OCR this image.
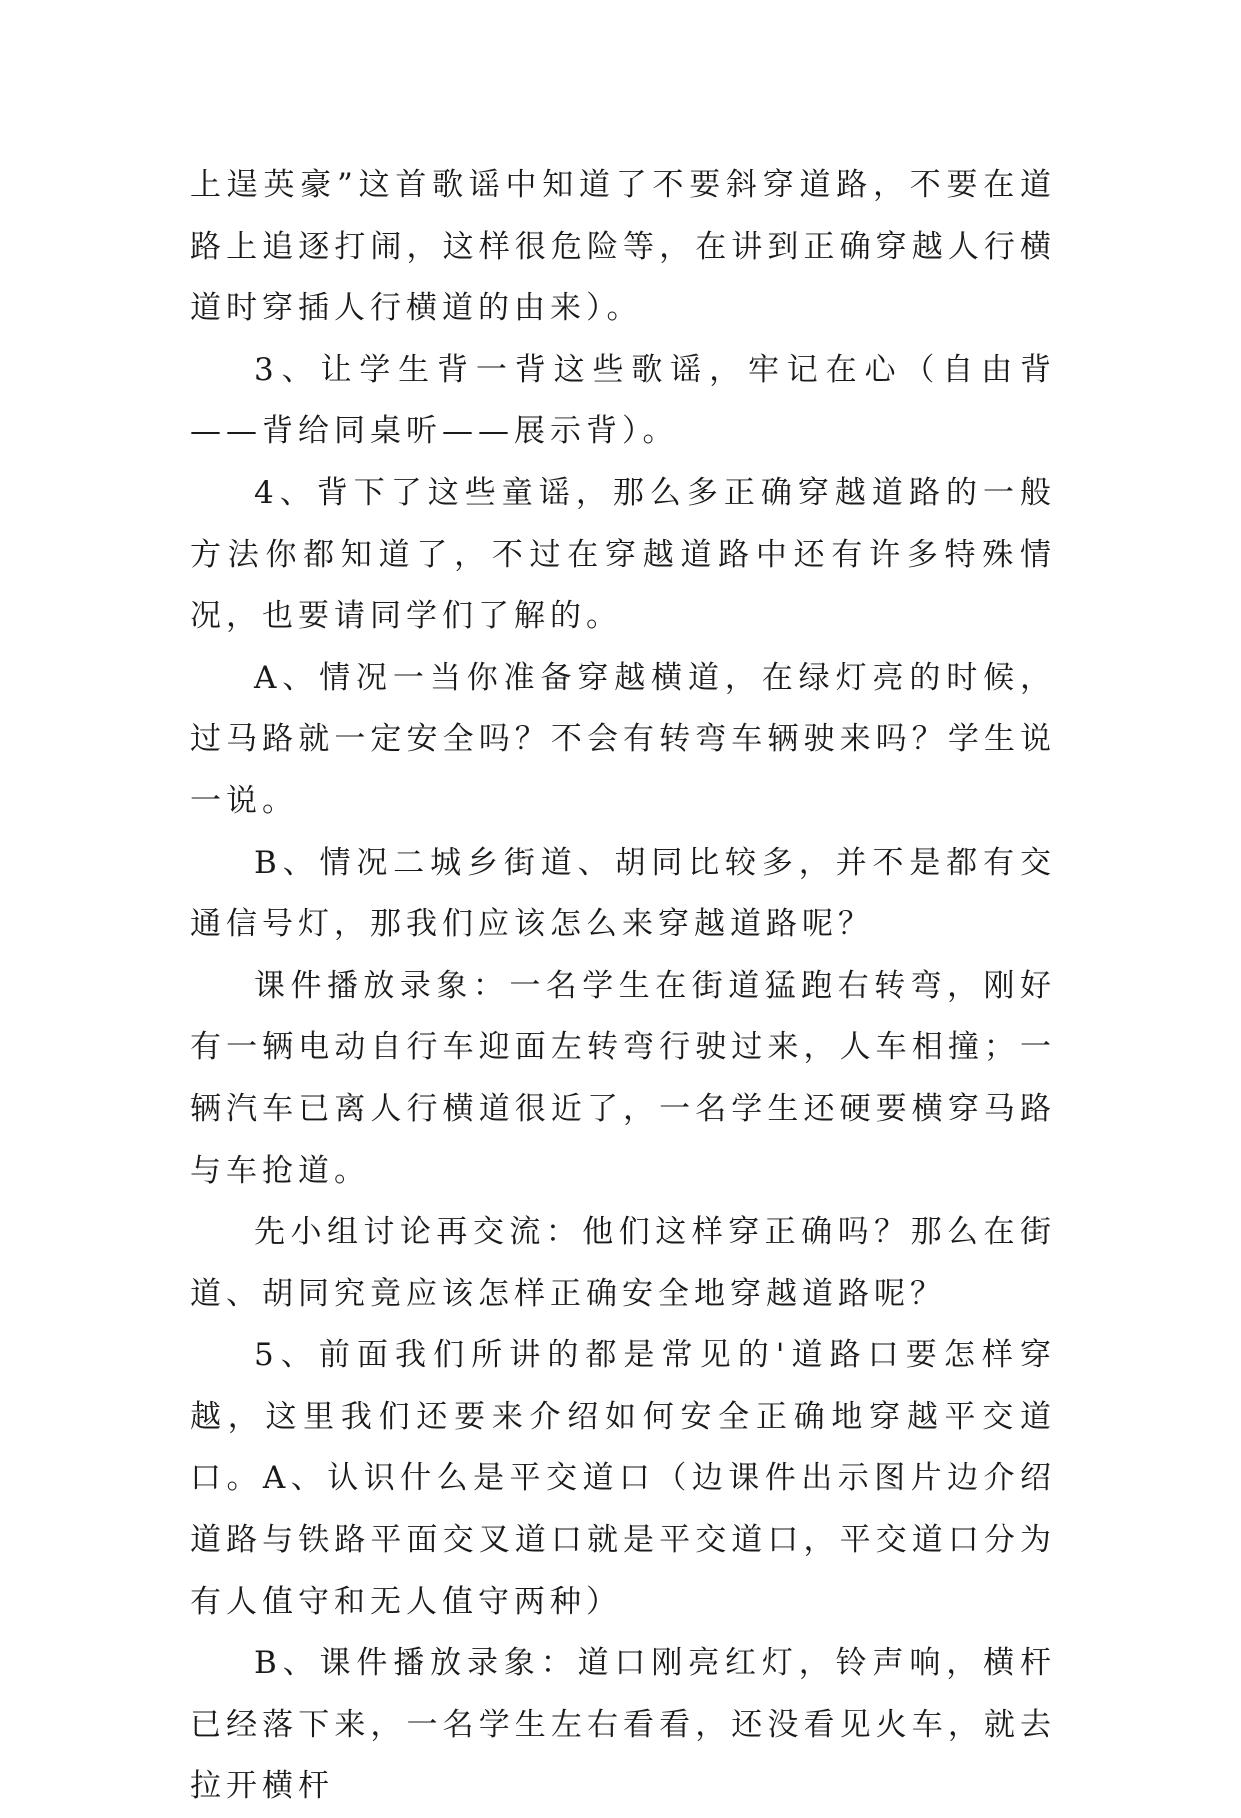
上逞英豪”这首歌谣中知道了不要斜穿道路，不要在道路上追逐打闹，这样很危险等，在讲到正确穿越人行横道时穿插人行横道的由来）。

3、让学生背一背这些歌谣，牢记在心（自由背——背给同桌听——展示背）。

4、背下了这些童谣，那么多正确穿越道路的一般方法你都知道了，不过在穿越道路中还有许多特殊情况，也要请同学们了解的。

A、情况一当你准备穿越横道，在绿灯亮的时候，过马路就一定安全吗？不会有转弯车辆驶来吗？学生说一说。

B、情况二城乡街道、胡同比较多，并不是都有交通信号灯，那我们应该怎么来穿越道路呢？

课件播放录象：一名学生在街道猛跑右转弯，刚好有一辆电动自行车迎面左转弯行驶过来，人车相撞；一辆汽车已离人行横道很近了，一名学生还硬要横穿马路与车抢道。

先小组讨论再交流：他们这样穿正确吗？那么在街道、胡同究竟应该怎样正确安全地穿越道路呢？

5、前面我们所讲的都是常见的'道路口要怎样穿越，这里我们还要来介绍如何安全正确地穿越平交道口。A、认识什么是平交道口（边课件出示图片边介绍道路与铁路平面交叉道口就是平交道口，平交道口分为有人值守和无人值守两种）

B、课件播放录象：道口刚亮红灯，铃声响，横杆已经落下来，一名学生左右看看，还没看见火车，就去拉开横杆
